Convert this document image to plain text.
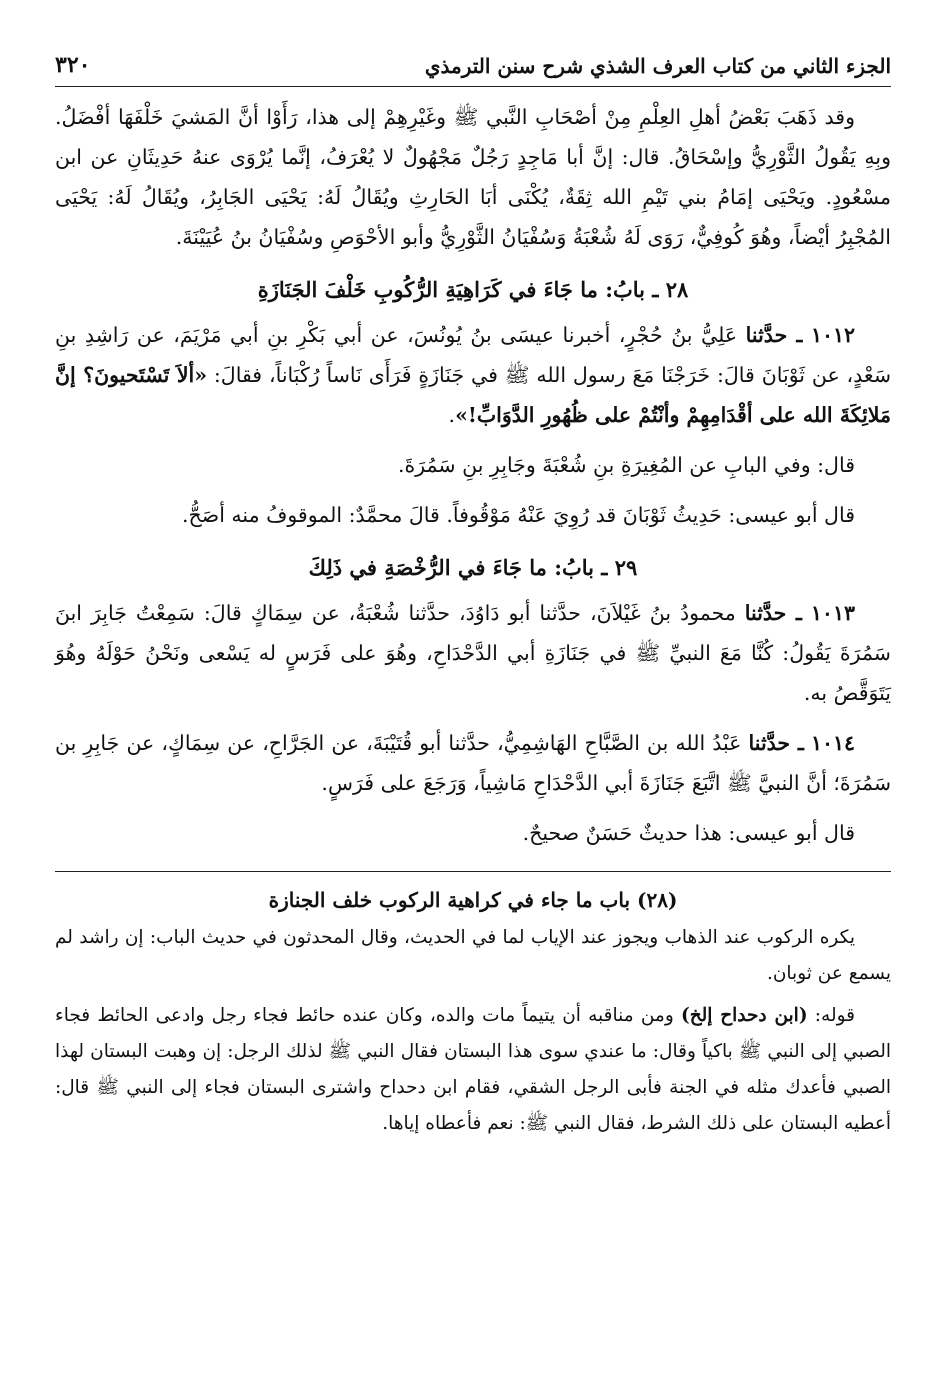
الجزء الثاني من كتاب العرف الشذي شرح سنن الترمذي
٣٢٠

وقد ذَهَبَ بَعْضُ أهلِ العِلْمِ مِنْ أصْحَابِ النَّبي ﷺ وغَيْرِهِمْ إلى هذا، رَأَوْا أنَّ المَشيَ خَلْفَهَا أفْضَلُ. وبِهِ يَقُولُ الثَّوْرِيُّ وإسْحَاقُ. قال: إنَّ أبا مَاجِدٍ رَجُلٌ مَجْهُولٌ لا يُعْرَفُ، إنَّما يُرْوَى عنهُ حَدِيثَانِ عن ابن مسْعُودٍ. ويَحْيَى إمَامُ بني تَيْمِ الله ثِقَةٌ، يُكْنَى أبَا الحَارِثِ ويُقَالُ لَهُ: يَحْيَى الجَابِرُ، ويُقَالُ لَهُ: يَحْيَى المُجْبِرُ أيْضاً، وهُوَ كُوفِيٌّ، رَوَى لَهُ شُعْبَةُ وَسُفْيَانُ الثَّوْرِيُّ وأبو الأحْوَصِ وسُفْيَانُ بنُ عُيَيْنَةَ.

٢٨ ـ بابُ: ما جَاءَ في كَرَاهِيَةِ الرُّكُوبِ خَلْفَ الجَنَازَةِ

١٠١٢ ـ حدَّثنا عَلِيُّ بنُ حُجْرٍ، أخبرنا عيسَى بنُ يُونُسَ، عن أبي بَكْرِ بنِ أبي مَرْيَمَ، عن رَاشِدِ بنِ سَعْدٍ، عن ثَوْبَانَ قالَ: خَرَجْنَا مَعَ رسول الله ﷺ في جَنَازَةٍ فَرَأَى نَاساً رُكْبَاناً، فقالَ: «ألاَ تَسْتَحيونَ؟ إنَّ مَلائِكَةَ الله على أقْدَامِهِمْ وأنْتُمْ على ظُهُورِ الدَّوَابِّ!».

قال: وفي البابِ عن المُغِيرَةِ بنِ شُعْبَةَ وجَابِرِ بنِ سَمُرَةَ.

قال أبو عيسى: حَدِيثُ ثَوْبَانَ قد رُوِيَ عَنْهُ مَوْقُوفاً. قالَ محمَّدٌ: الموقوفُ منه أصَحُّ.

٢٩ ـ بابُ: ما جَاءَ في الرُّخْصَةِ في ذَلِكَ

١٠١٣ ـ حدَّثنا محمودُ بنُ غَيْلاَنَ، حدَّثنا أبو دَاوُدَ، حدَّثنا شُعْبَةُ، عن سِمَاكٍ قالَ: سَمِعْتُ جَابِرَ ابنَ سَمُرَةَ يَقُولُ: كُنَّا مَعَ النبيِّ ﷺ في جَنَازَةِ أبي الدَّحْدَاحِ، وهُوَ على فَرَسٍ له يَسْعى ونَحْنُ حَوْلَهُ وهُوَ يَتَوَقَّصُ به.

١٠١٤ ـ حدَّثنا عَبْدُ الله بن الصَّبَّاحِ الهَاشِمِيُّ، حدَّثنا أبو قُتَيْبَةَ، عن الجَرَّاحِ، عن سِمَاكٍ، عن جَابِرِ بن سَمُرَةَ؛ أنَّ النبيَّ ﷺ اتَّبَعَ جَنَازَةَ أبي الدَّحْدَاحِ مَاشِياً، وَرَجَعَ على فَرَسٍ.

قال أبو عيسى: هذا حديثٌ حَسَنٌ صحيحٌ.

(٢٨) باب ما جاء في كراهية الركوب خلف الجنازة

يكره الركوب عند الذهاب ويجوز عند الإياب لما في الحديث، وقال المحدثون في حديث الباب: إن راشد لم يسمع عن ثوبان.

قوله: (ابن دحداح إلخ) ومن مناقبه أن يتيماً مات والده، وكان عنده حائط فجاء رجل وادعى الحائط فجاء الصبي إلى النبي ﷺ باكياً وقال: ما عندي سوى هذا البستان فقال النبي ﷺ لذلك الرجل: إن وهبت البستان لهذا الصبي فأعدك مثله في الجنة فأبى الرجل الشقي، فقام ابن دحداح واشترى البستان فجاء إلى النبي ﷺ قال: أعطيه البستان على ذلك الشرط، فقال النبي ﷺ: نعم فأعطاه إياها.
